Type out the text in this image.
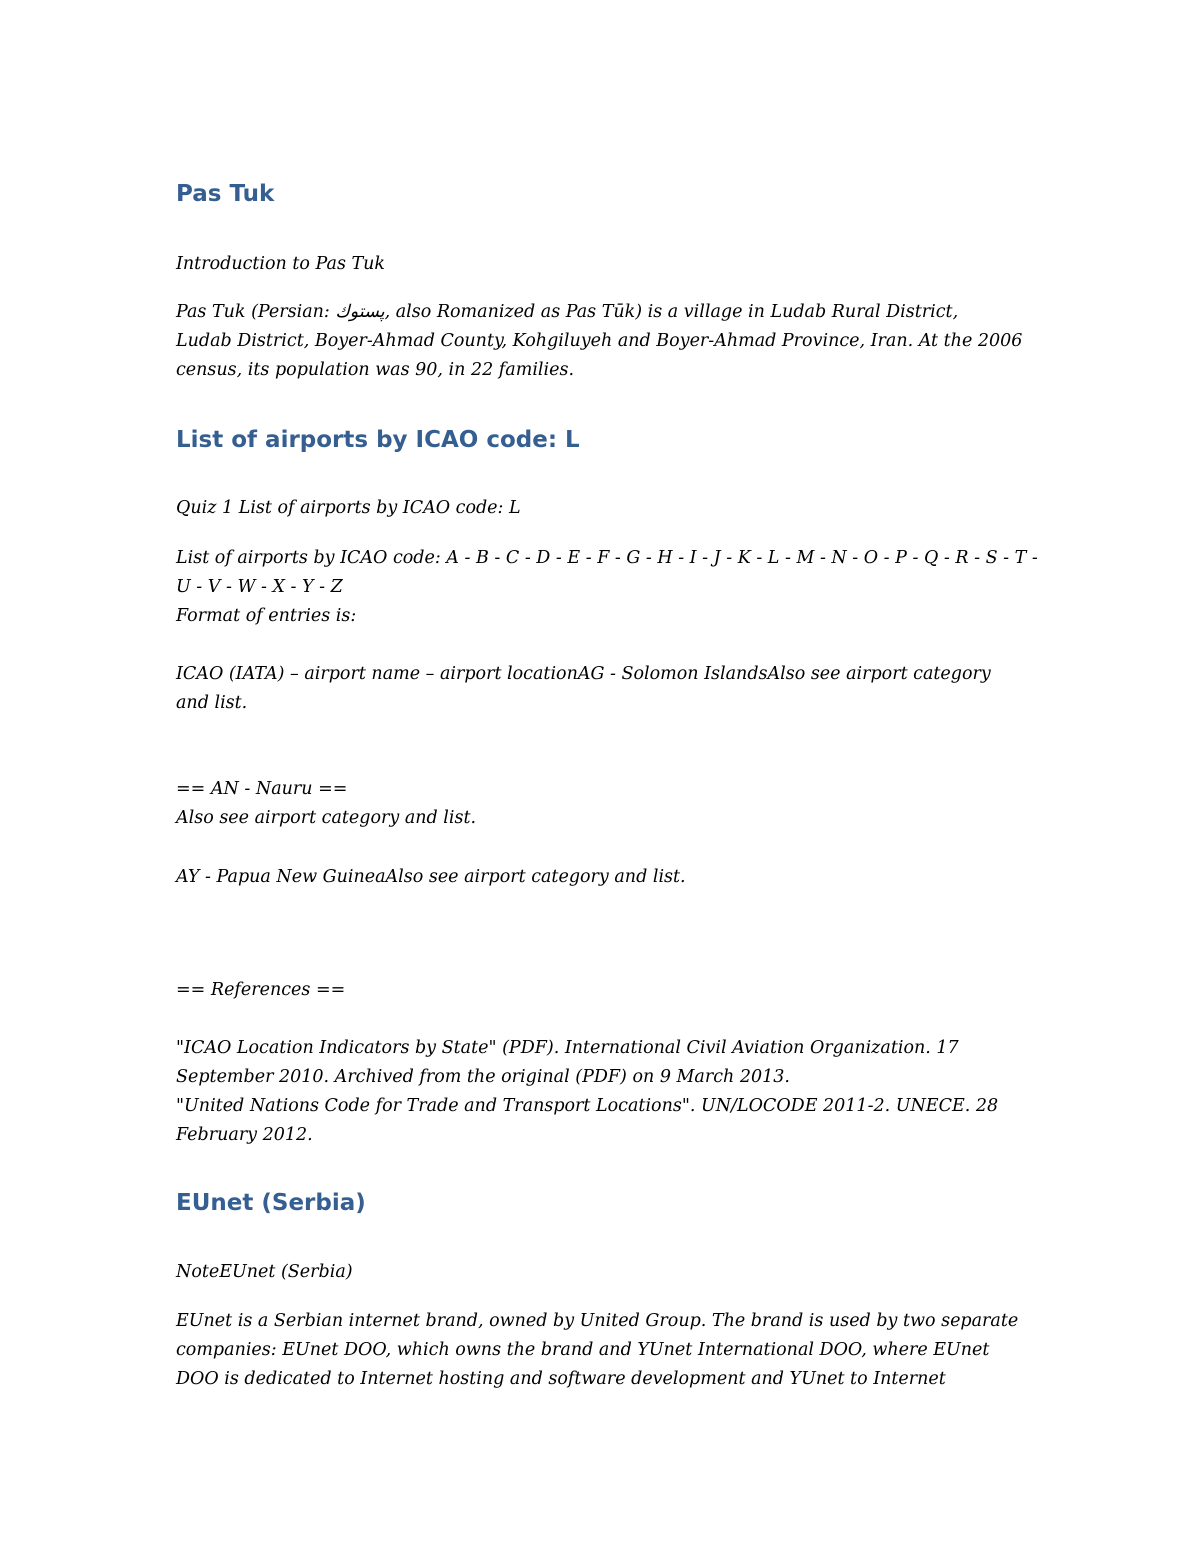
Pas Tuk

Introduction to Pas Tuk

Pas Tuk (Persian: پستوك, also Romanized as Pas Tūk) is a village in Ludab Rural District,
Ludab District, Boyer-Ahmad County, Kohgiluyeh and Boyer-Ahmad Province, Iran. At the 2006
census, its population was 90, in 22 families.

List of airports by ICAO code: L

Quiz 1 List of airports by ICAO code: L

List of airports by ICAO code: A - B - C - D - E - F - G - H - I - J - K - L - M - N - O - P - Q - R - S - T -
U - V - W - X - Y - Z
Format of entries is:

ICAO (IATA) – airport name – airport locationAG - Solomon IslandsAlso see airport category
and list.

== AN - Nauru ==
Also see airport category and list.

AY - Papua New GuineaAlso see airport category and list.

== References ==

"ICAO Location Indicators by State" (PDF). International Civil Aviation Organization. 17
September 2010. Archived from the original (PDF) on 9 March 2013.
"United Nations Code for Trade and Transport Locations". UN/LOCODE 2011-2. UNECE. 28
February 2012.

EUnet (Serbia)

NoteEUnet (Serbia)

EUnet is a Serbian internet brand, owned by United Group. The brand is used by two separate
companies: EUnet DOO, which owns the brand and YUnet International DOO, where EUnet
DOO is dedicated to Internet hosting and software development and YUnet to Internet
